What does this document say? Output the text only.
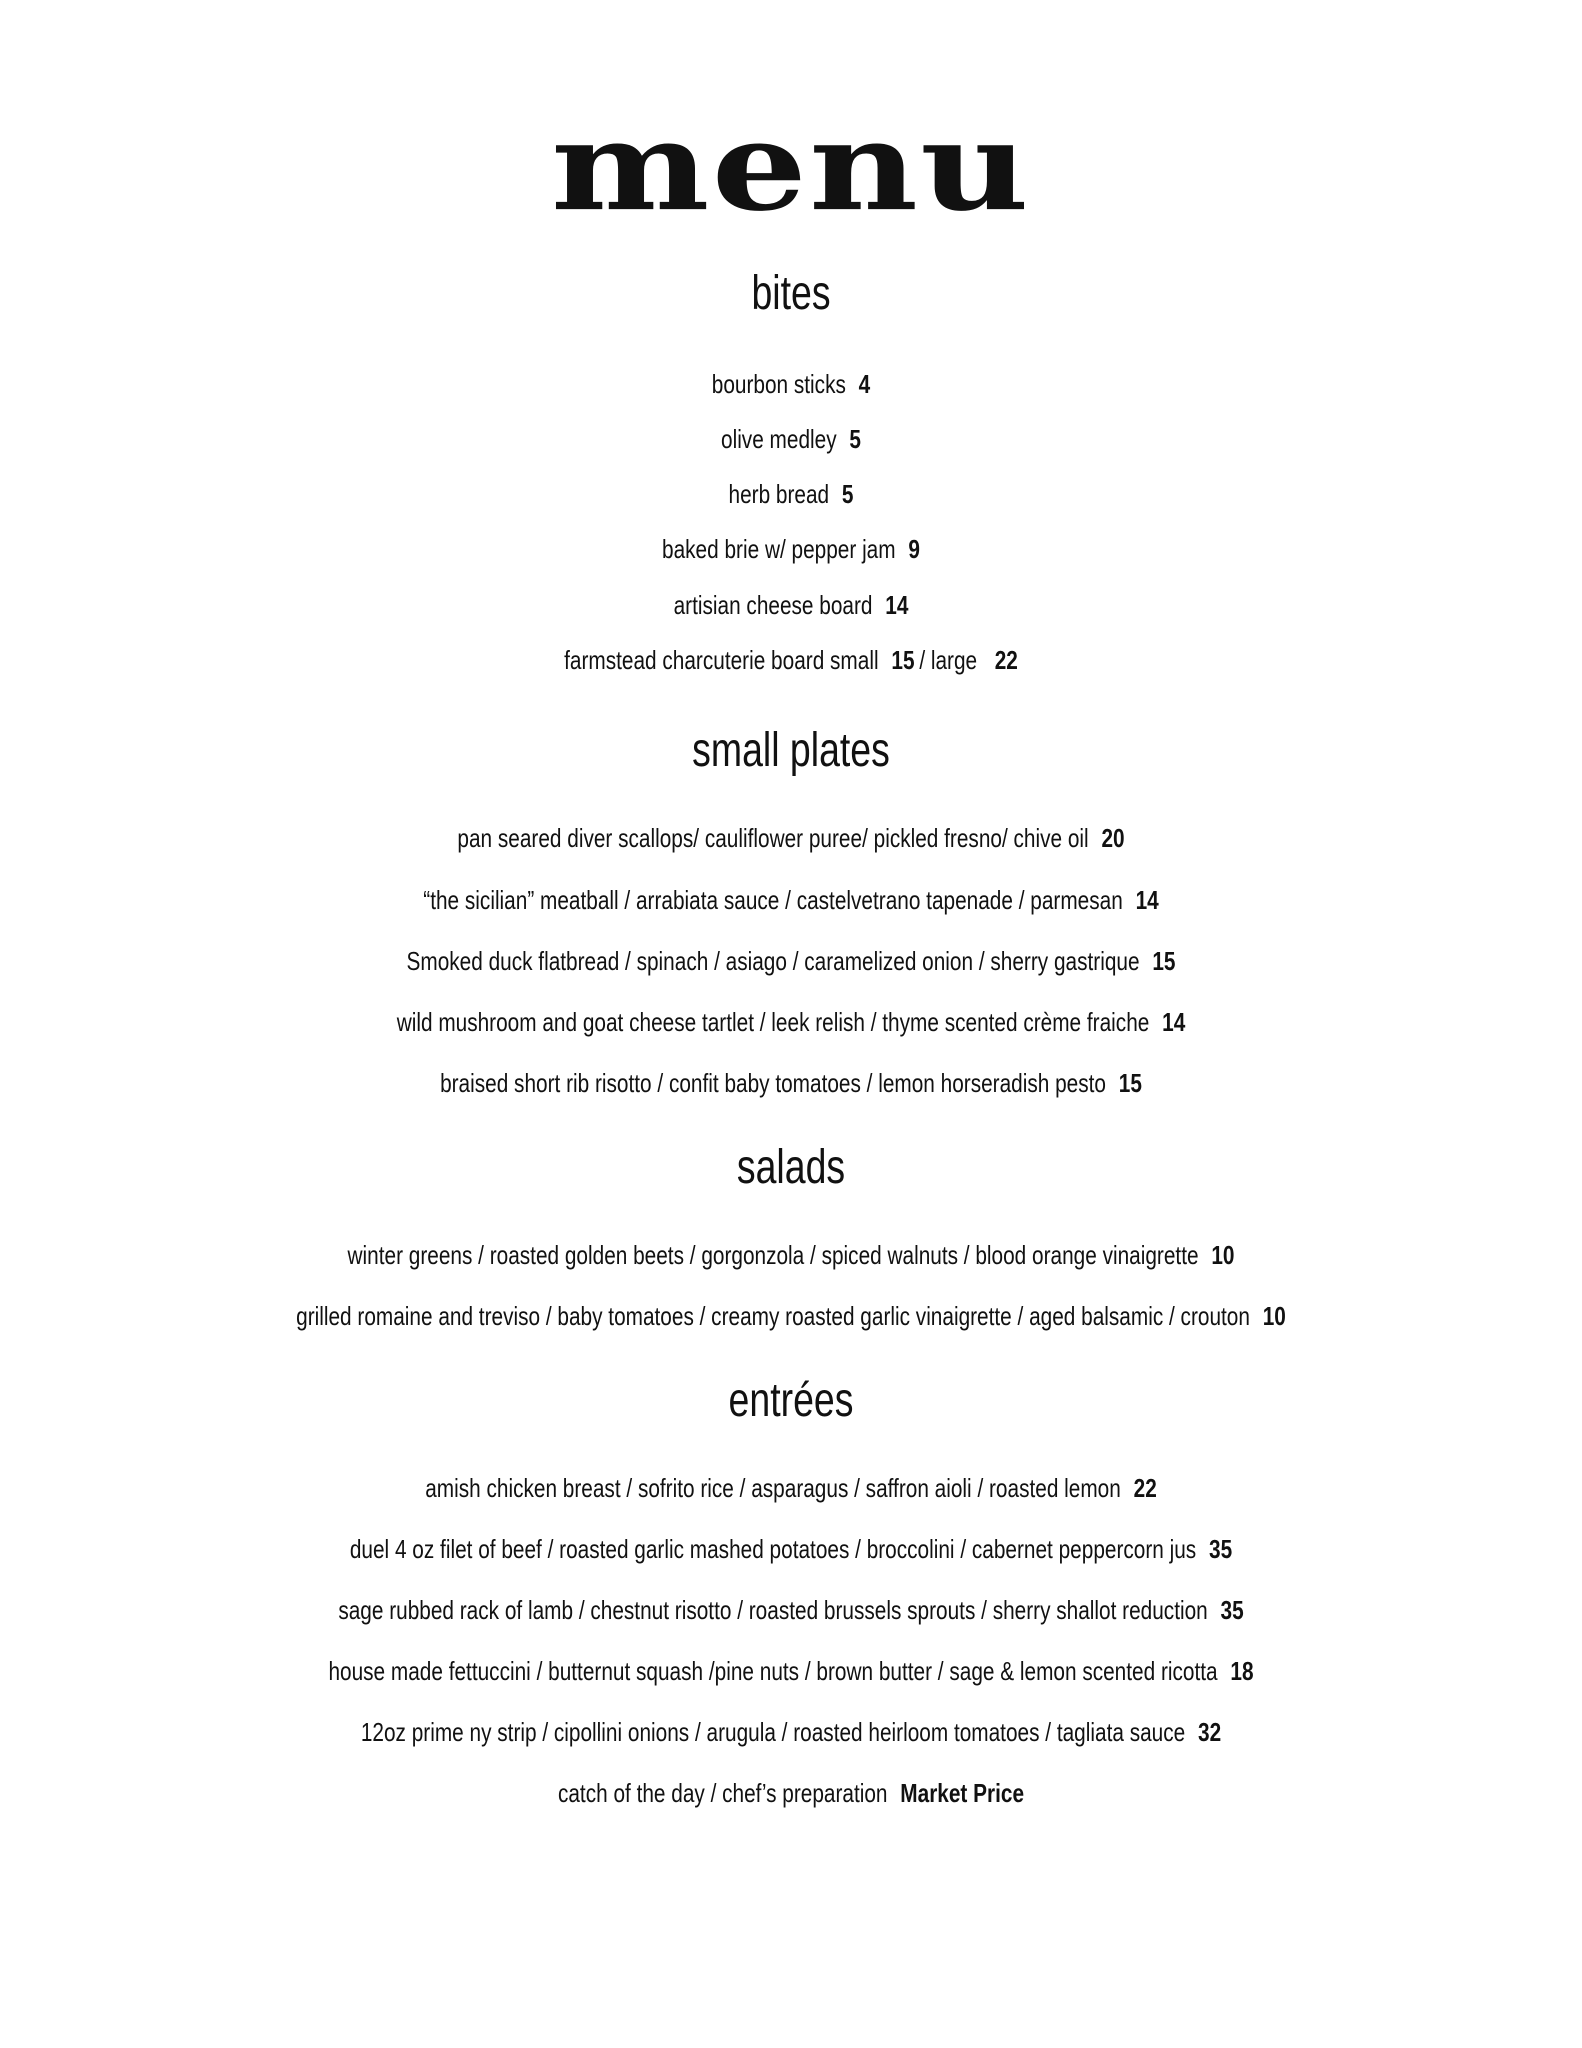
menu
bites
bourbon sticks 4
olive medley 5
herb bread 5
baked brie w/ pepper jam 9
artisian cheese board 14
farmstead charcuterie board small 15 / large 22
small plates
pan seared diver scallops/ cauliflower puree/ pickled fresno/ chive oil 20
“the sicilian” meatball / arrabiata sauce / castelvetrano tapenade / parmesan 14
Smoked duck flatbread / spinach / asiago / caramelized onion / sherry gastrique 15
wild mushroom and goat cheese tartlet / leek relish / thyme scented crème fraiche 14
braised short rib risotto / confit baby tomatoes / lemon horseradish pesto 15
salads
winter greens / roasted golden beets / gorgonzola / spiced walnuts / blood orange vinaigrette 10
grilled romaine and treviso / baby tomatoes / creamy roasted garlic vinaigrette / aged balsamic / crouton 10
entrées
amish chicken breast / sofrito rice / asparagus / saffron aioli / roasted lemon 22
duel 4 oz filet of beef / roasted garlic mashed potatoes / broccolini / cabernet peppercorn jus 35
sage rubbed rack of lamb / chestnut risotto / roasted brussels sprouts / sherry shallot reduction 35
house made fettuccini / butternut squash /pine nuts / brown butter / sage & lemon scented ricotta 18
12oz prime ny strip / cipollini onions / arugula / roasted heirloom tomatoes / tagliata sauce 32
catch of the day / chef’s preparation Market Price
